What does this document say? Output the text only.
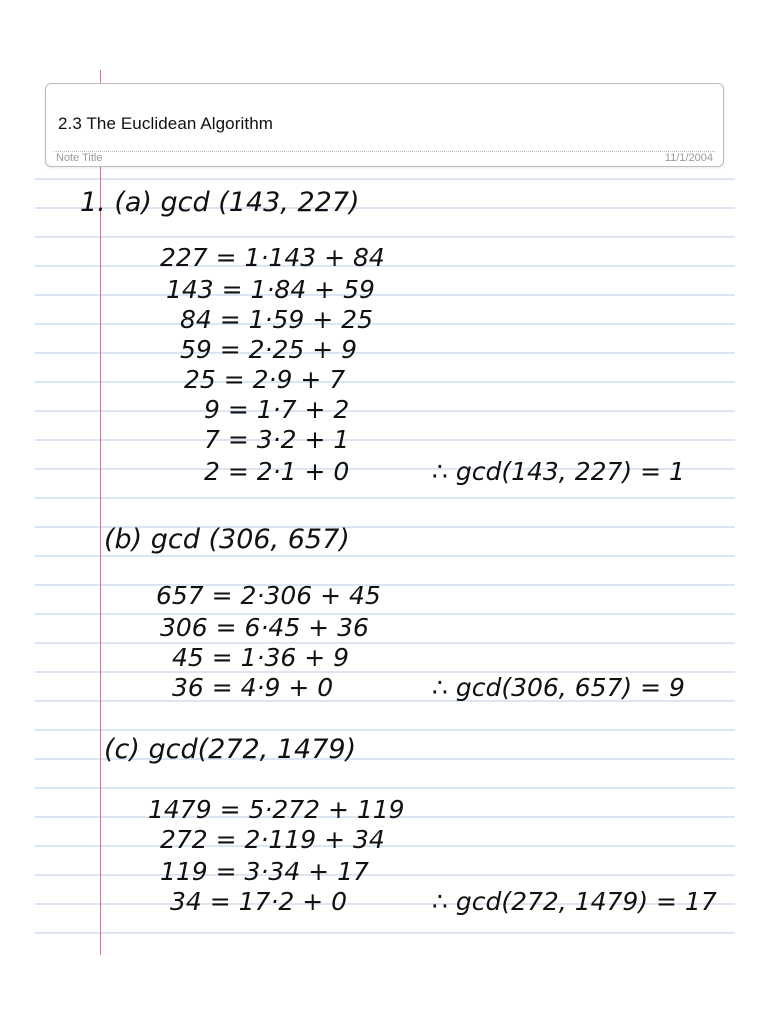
2.3 The Euclidean Algorithm
Note Title	11/1/2004
1. (a) gcd (143, 227)
227 = 1·143 + 84
143 = 1·84 + 59
84 = 1·59 + 25
59 = 2·25 + 9
25 = 2·9 + 7
9 = 1·7 + 2
7 = 3·2 + 1
2 = 2·1 + 0	∴ gcd(143, 227) = 1
(b) gcd (306, 657)
657 = 2·306 + 45
306 = 6·45 + 36
45 = 1·36 + 9
36 = 4·9 + 0	∴ gcd(306, 657) = 9
(c) gcd(272, 1479)
1479 = 5·272 + 119
272 = 2·119 + 34
119 = 3·34 + 17
34 = 17·2 + 0	∴ gcd(272, 1479) = 17
